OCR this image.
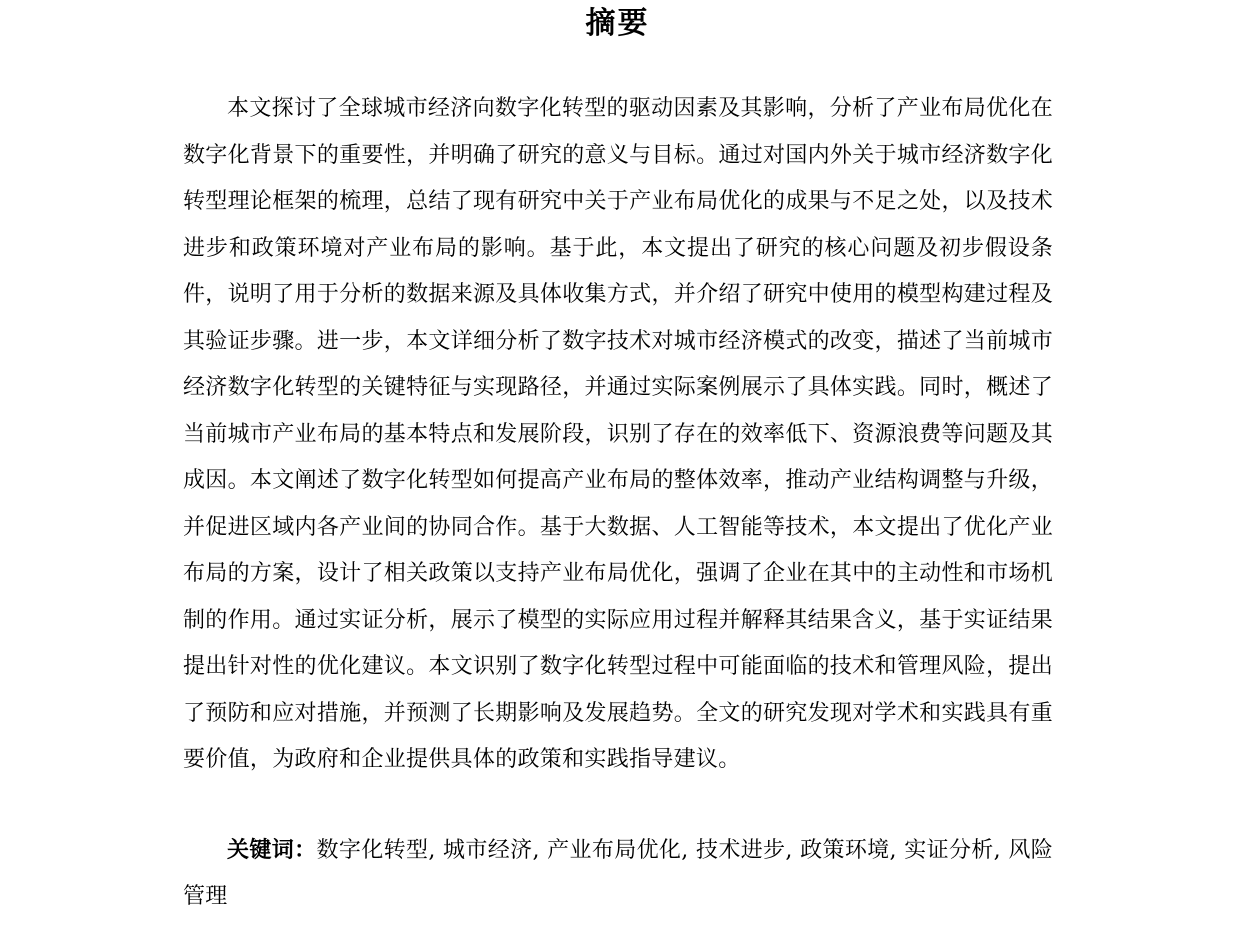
摘要

本文探讨了全球城市经济向数字化转型的驱动因素及其影响，分析了产业布局优化在数字化背景下的重要性，并明确了研究的意义与目标。通过对国内外关于城市经济数字化转型理论框架的梳理，总结了现有研究中关于产业布局优化的成果与不足之处，以及技术进步和政策环境对产业布局的影响。基于此，本文提出了研究的核心问题及初步假设条件，说明了用于分析的数据来源及具体收集方式，并介绍了研究中使用的模型构建过程及其验证步骤。进一步，本文详细分析了数字技术对城市经济模式的改变，描述了当前城市经济数字化转型的关键特征与实现路径，并通过实际案例展示了具体实践。同时，概述了当前城市产业布局的基本特点和发展阶段，识别了存在的效率低下、资源浪费等问题及其成因。本文阐述了数字化转型如何提高产业布局的整体效率，推动产业结构调整与升级，并促进区域内各产业间的协同合作。基于大数据、人工智能等技术，本文提出了优化产业布局的方案，设计了相关政策以支持产业布局优化，强调了企业在其中的主动性和市场机制的作用。通过实证分析，展示了模型的实际应用过程并解释其结果含义，基于实证结果提出针对性的优化建议。本文识别了数字化转型过程中可能面临的技术和管理风险，提出了预防和应对措施，并预测了长期影响及发展趋势。全文的研究发现对学术和实践具有重要价值，为政府和企业提供具体的政策和实践指导建议。

关键词：数字化转型, 城市经济, 产业布局优化, 技术进步, 政策环境, 实证分析, 风险管理
